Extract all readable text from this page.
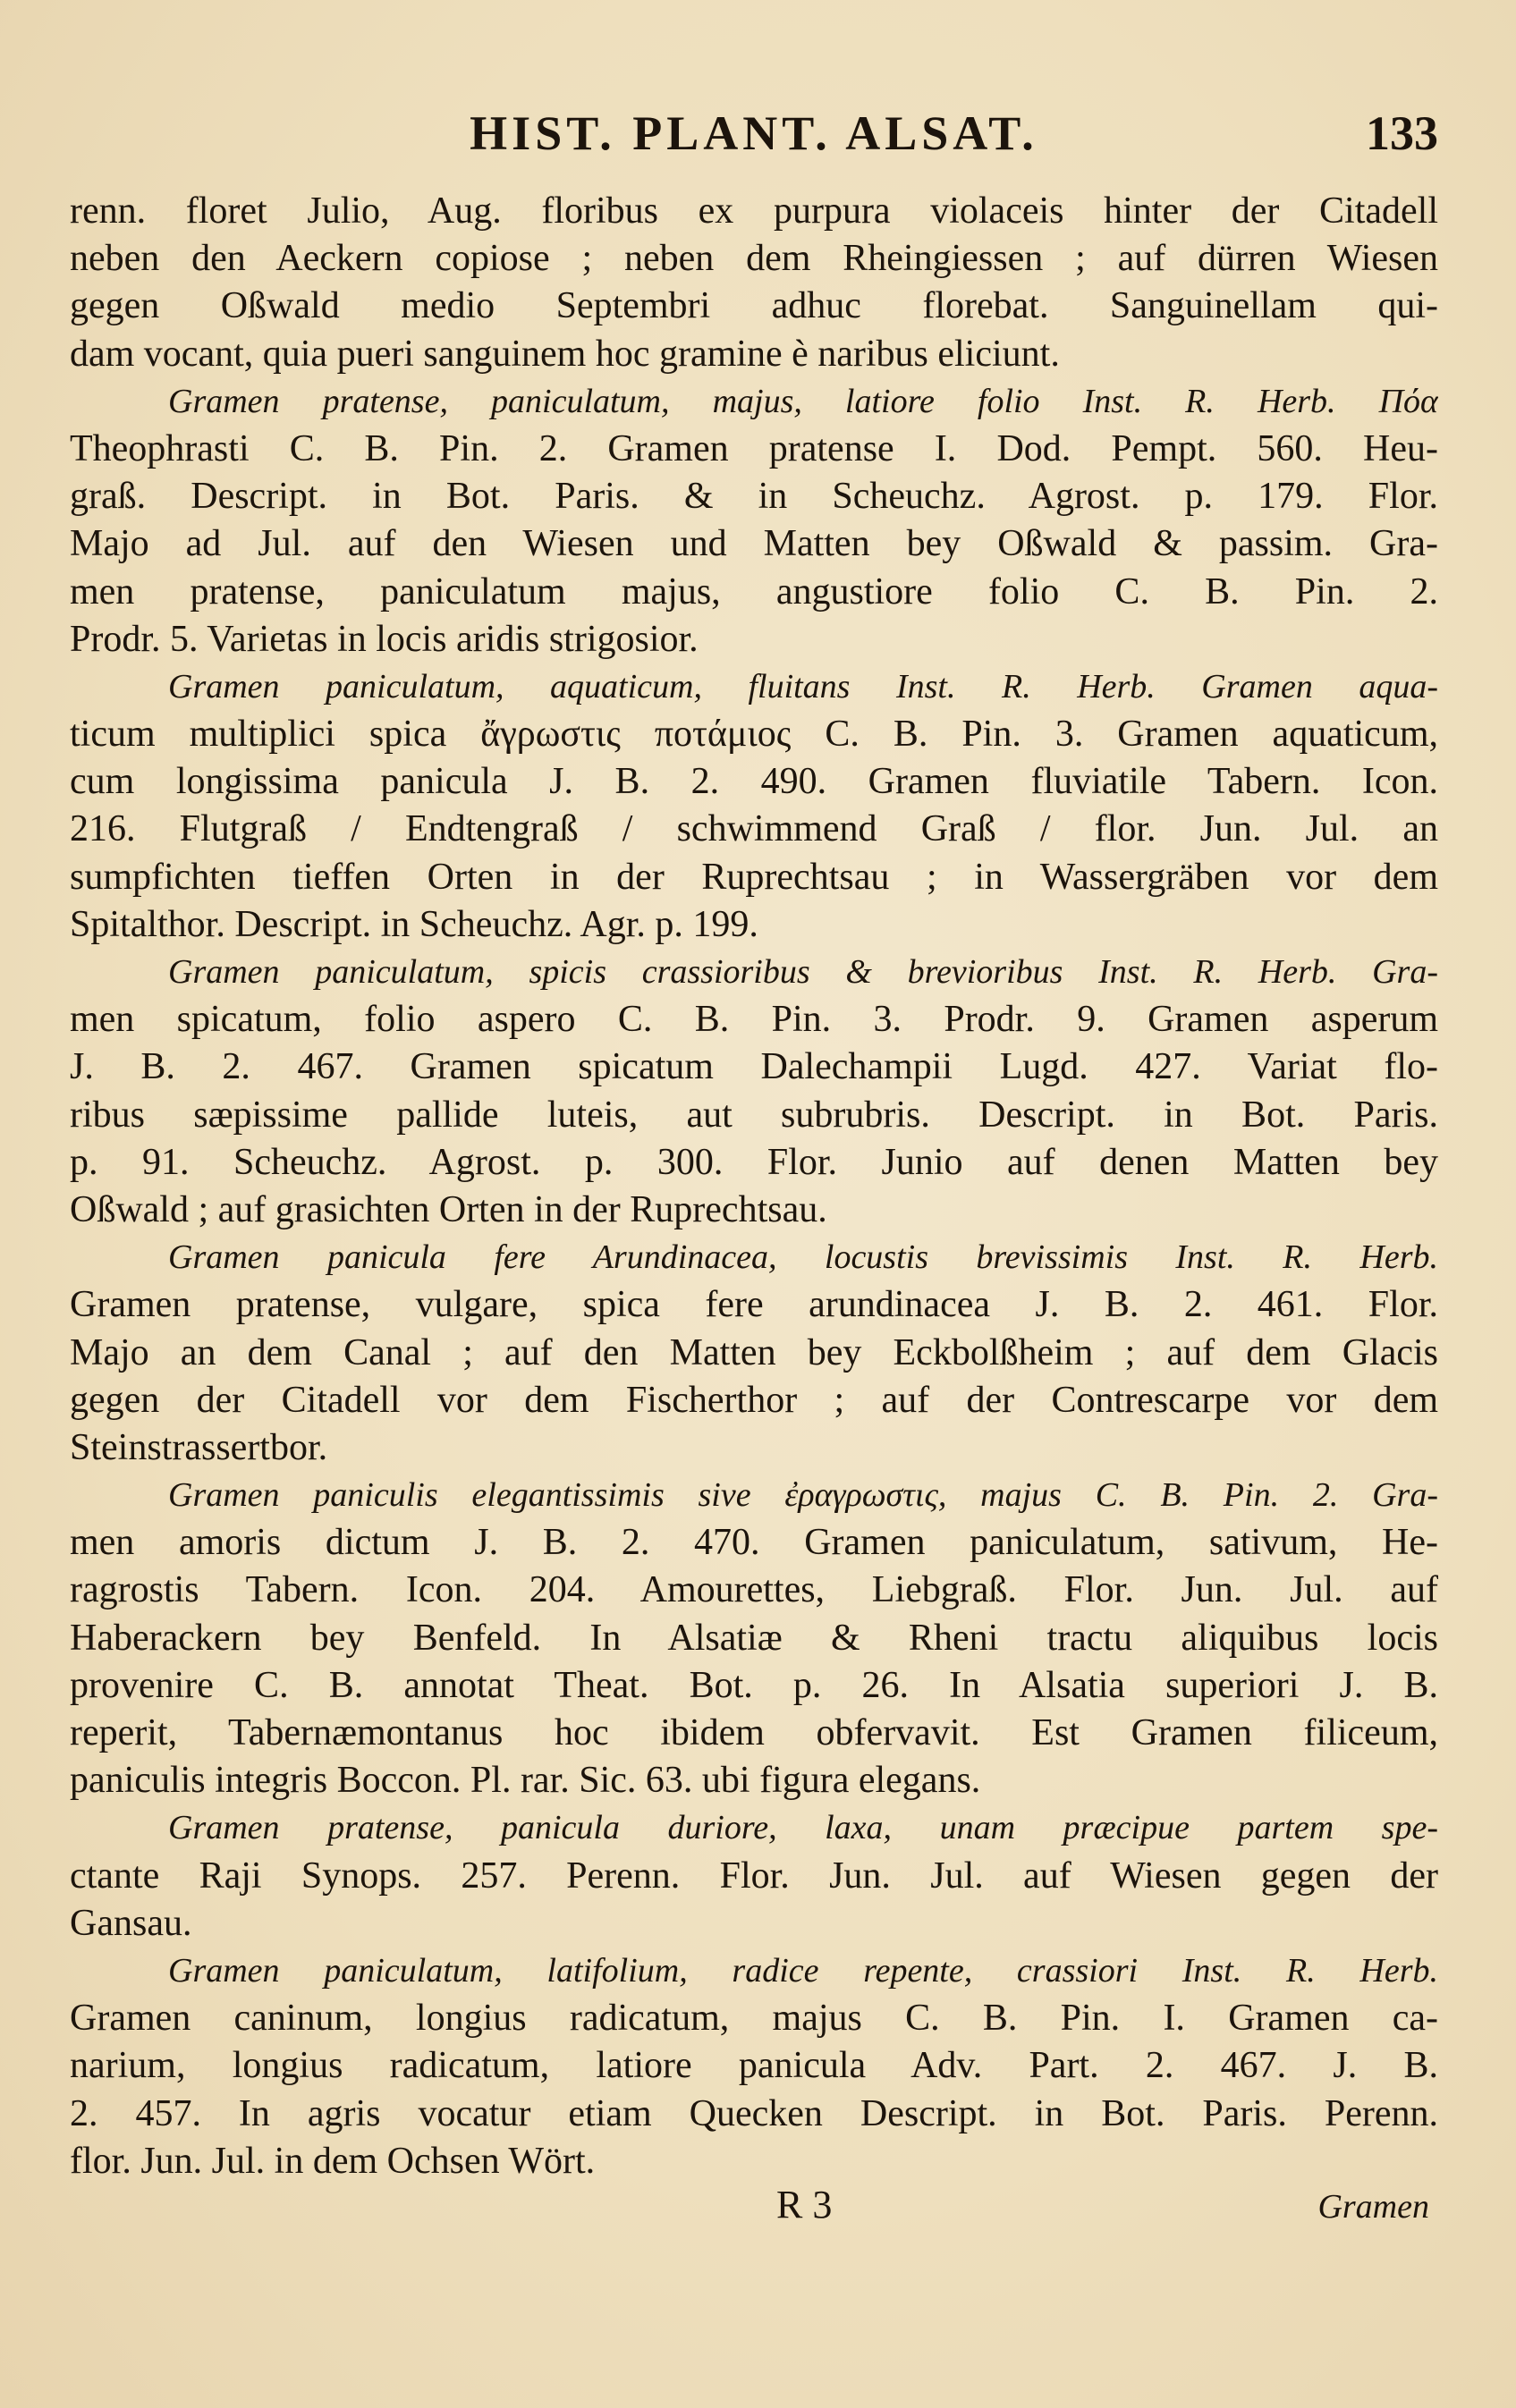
HIST. PLANT. ALSAT.	133
renn. floret Julio, Aug. floribus ex purpura violaceis hinter der Citadell
neben den Aeckern copiose ; neben dem Rheingiessen ; auf dürren Wiesen
gegen Oßwald medio Septembri adhuc florebat. Sanguinellam qui-
dam vocant, quia pueri sanguinem hoc gramine è naribus eliciunt.
Gramen pratense, paniculatum, majus, latiore folio Inst. R. Herb. Πόα
Theophrasti C. B. Pin. 2. Gramen pratense I. Dod. Pempt. 560. Heu-
graß. Descript. in Bot. Paris. & in Scheuchz. Agrost. p. 179. Flor.
Majo ad Jul. auf den Wiesen und Matten bey Oßwald & passim. Gra-
men pratense, paniculatum majus, angustiore folio C. B. Pin. 2.
Prodr. 5. Varietas in locis aridis strigosior.
Gramen paniculatum, aquaticum, fluitans Inst. R. Herb. Gramen aqua-
ticum multiplici spica ἄγρωστις ποτάμιος C. B. Pin. 3. Gramen aquaticum,
cum longissima panicula J. B. 2. 490. Gramen fluviatile Tabern. Icon.
216. Flutgraß / Endtengraß / schwimmend Graß / flor. Jun. Jul. an
sumpfichten tieffen Orten in der Ruprechtsau ; in Wassergräben vor dem
Spitalthor. Descript. in Scheuchz. Agr. p. 199.
Gramen paniculatum, spicis crassioribus & brevioribus Inst. R. Herb. Gra-
men spicatum, folio aspero C. B. Pin. 3. Prodr. 9. Gramen asperum
J. B. 2. 467. Gramen spicatum Dalechampii Lugd. 427. Variat flo-
ribus sæpissime pallide luteis, aut subrubris. Descript. in Bot. Paris.
p. 91. Scheuchz. Agrost. p. 300. Flor. Junio auf denen Matten bey
Oßwald ; auf grasichten Orten in der Ruprechtsau.
Gramen panicula fere Arundinacea, locustis brevissimis Inst. R. Herb.
Gramen pratense, vulgare, spica fere arundinacea J. B. 2. 461. Flor.
Majo an dem Canal ; auf den Matten bey Eckbolßheim ; auf dem Glacis
gegen der Citadell vor dem Fischerthor ; auf der Contrescarpe vor dem
Steinstrassertbor.
Gramen paniculis elegantissimis sive ἐραγρωστις, majus C. B. Pin. 2. Gra-
men amoris dictum J. B. 2. 470. Gramen paniculatum, sativum, He-
ragrostis Tabern. Icon. 204. Amourettes, Liebgraß. Flor. Jun. Jul. auf
Haberackern bey Benfeld. In Alsatiæ & Rheni tractu aliquibus locis
provenire C. B. annotat Theat. Bot. p. 26. In Alsatia superiori J. B.
reperit, Tabernæmontanus hoc ibidem obfervavit. Est Gramen filiceum,
paniculis integris Boccon. Pl. rar. Sic. 63. ubi figura elegans.
Gramen pratense, panicula duriore, laxa, unam præcipue partem spe-
ctante Raji Synops. 257. Perenn. Flor. Jun. Jul. auf Wiesen gegen der
Gansau.
Gramen paniculatum, latifolium, radice repente, crassiori Inst. R. Herb.
Gramen caninum, longius radicatum, majus C. B. Pin. I. Gramen ca-
narium, longius radicatum, latiore panicula Adv. Part. 2. 467. J. B.
2. 457. In agris vocatur etiam Quecken Descript. in Bot. Paris. Perenn.
flor. Jun. Jul. in dem Ochsen Wört.
R 3	Gramen
